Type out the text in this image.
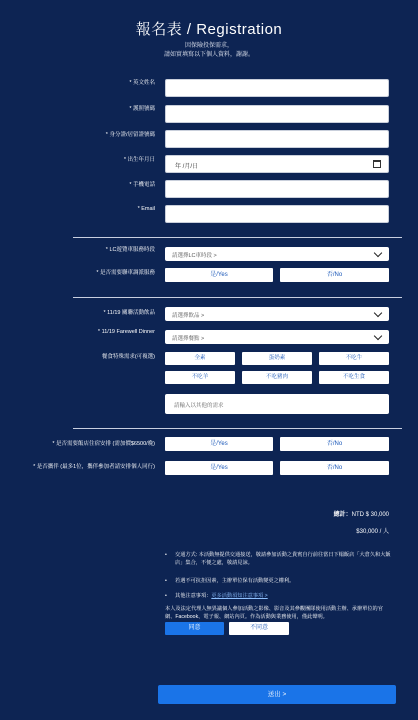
報名表 / Registration
因保險投保需求，
請如實填寫以下個人資料，謝謝。
* 英文姓名
* 護照號碼
* 身分證/居留證號碼
* 出生年月日
年 /月/日
* 手機電話
* Email
* LC遊覽車服務時段
請選擇LC車時段 >
* 是否需要聯車調派服務	是/Yes	否/No
* 11/19 關聯活動飲品	請選擇飲品 >
* 11/19 Farewell Dinner
請選擇餐點 >
餐食特殊需求(可複選)	全素	蛋奶素	不吃牛
不吃羊	不吃豬肉	不吃生食
請輸入以其他的需求
* 是否需要飯店住宿安排 (需加價$6500/晚)	是/Yes	否/No
* 是否攜伴 (最多1位，攜伴參加者請安排個人同行)	是/Yes	否/No
總計：NTD $ 30,000
$30,000 / 人
•	交通方式: 本活動無提供交通接送，敬請參加活動之貴賓自行前往當日下榻飯店「大倉久和大飯店」集合，不便之處，敬請見諒。
•	若遇不可抗拒因素，主辦單位保有活動變更之權利。
•	其他注意事項：更多活動須知注意事項 >
本人及法定代理人無異議個人參加活動之影像、影音及其參觀團隊使用活動主辦、承辦單位的官網、Facebook、電子報、網站內頁。作為活動與業務使用，僅此聲明。
同意	不同意
送出 >
